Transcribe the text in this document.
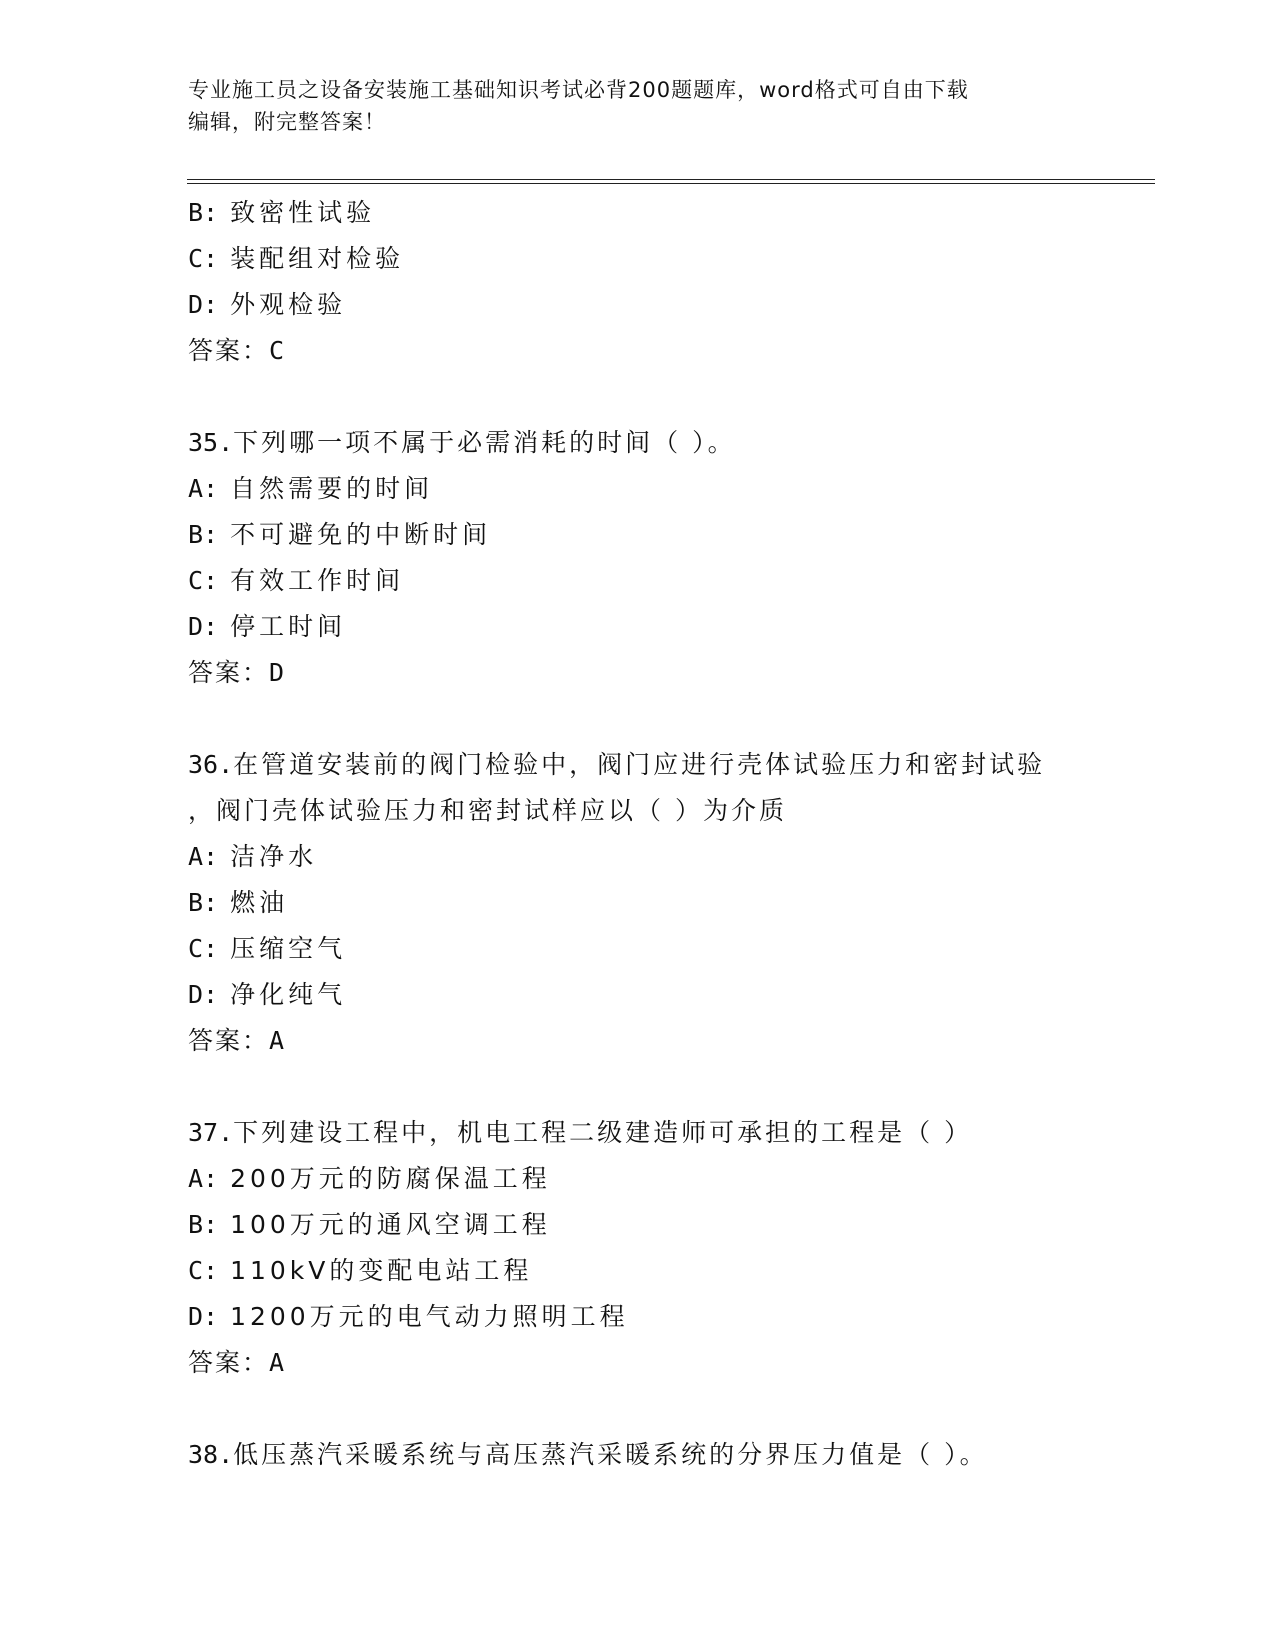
专业施工员之设备安装施工基础知识考试必背200题题库，word格式可自由下载
编辑，附完整答案！
B: 致密性试验
C: 装配组对检验
D: 外观检验
答案：C
35.下列哪一项不属于必需消耗的时间（ ）。
A: 自然需要的时间
B: 不可避免的中断时间
C: 有效工作时间
D: 停工时间
答案：D
36.在管道安装前的阀门检验中，阀门应进行壳体试验压力和密封试验
，阀门壳体试验压力和密封试样应以（ ）为介质
A: 洁净水
B: 燃油
C: 压缩空气
D: 净化纯气
答案：A
37.下列建设工程中，机电工程二级建造师可承担的工程是（ ）
A: 200万元的防腐保温工程
B: 100万元的通风空调工程
C: 110kV的变配电站工程
D: 1200万元的电气动力照明工程
答案：A
38.低压蒸汽采暖系统与高压蒸汽采暖系统的分界压力值是（ ）。
